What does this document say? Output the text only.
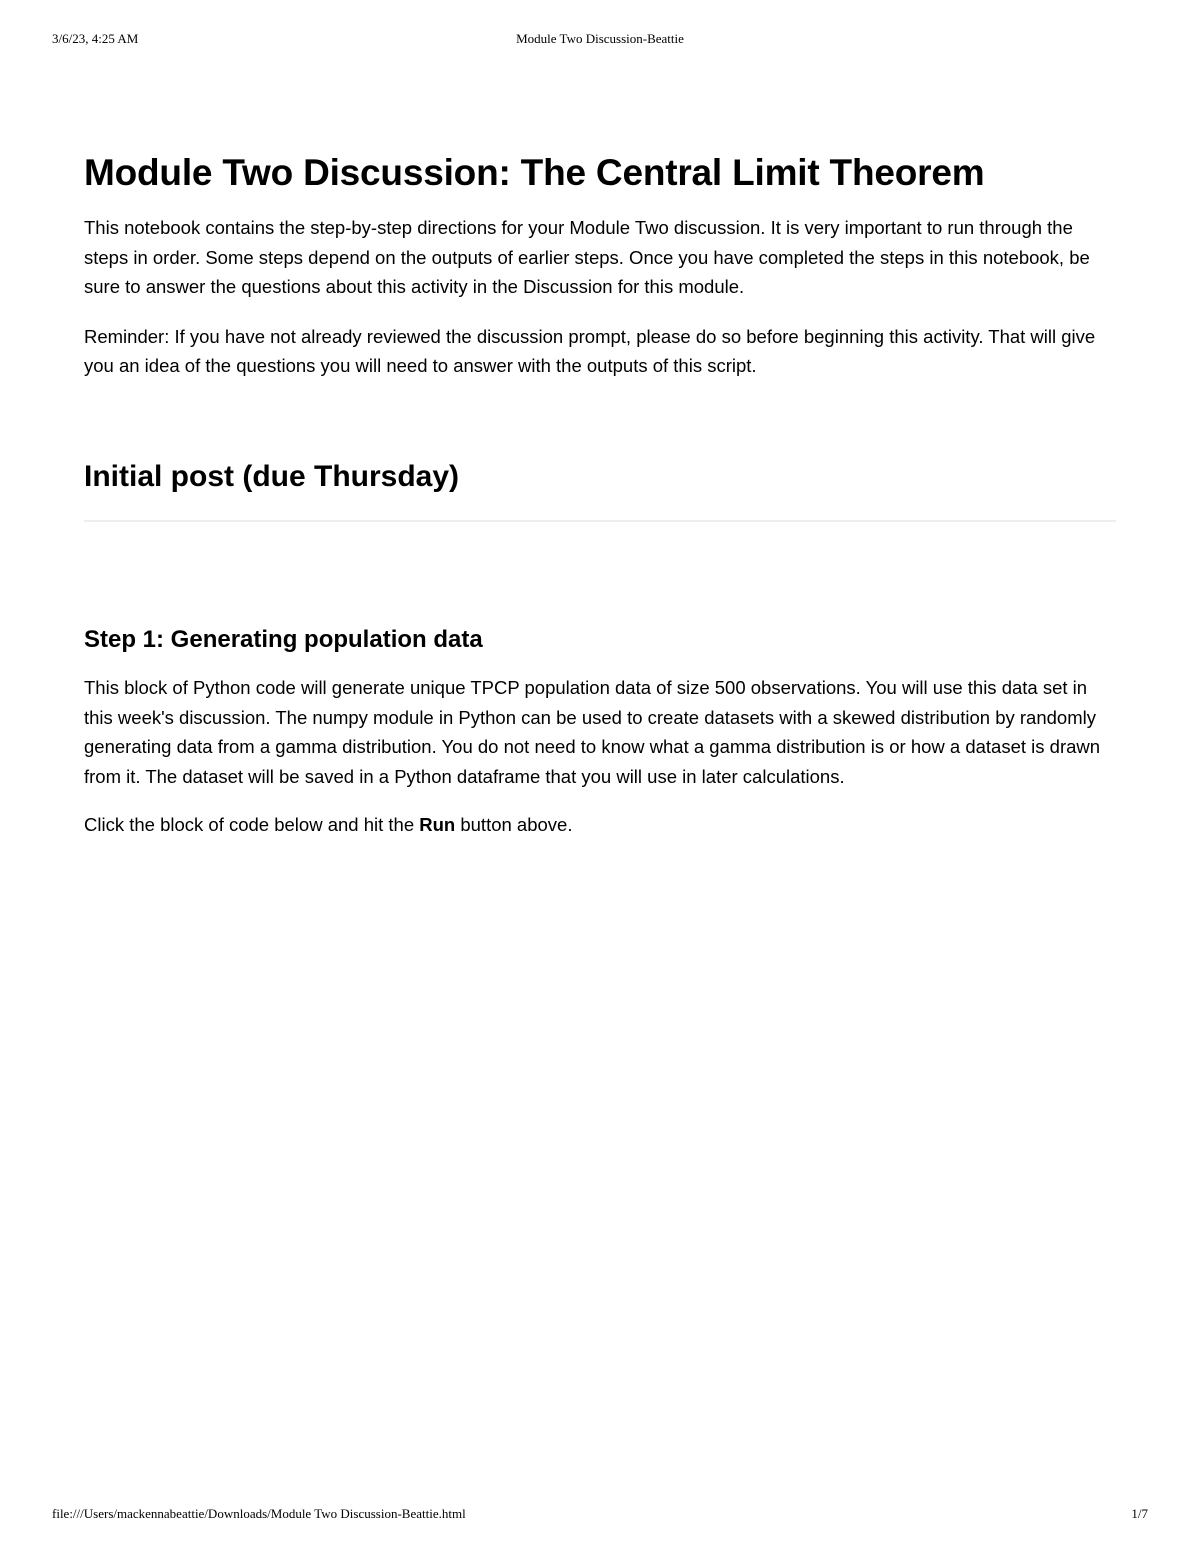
3/6/23, 4:25 AM	Module Two Discussion-Beattie
Module Two Discussion: The Central Limit Theorem

This notebook contains the step-by-step directions for your Module Two discussion. It is very important to run through the steps in order. Some steps depend on the outputs of earlier steps. Once you have completed the steps in this notebook, be sure to answer the questions about this activity in the Discussion for this module.

Reminder: If you have not already reviewed the discussion prompt, please do so before beginning this activity. That will give you an idea of the questions you will need to answer with the outputs of this script.

Initial post (due Thursday)
Step 1: Generating population data

This block of Python code will generate unique TPCP population data of size 500 observations. You will use this data set in this week's discussion. The numpy module in Python can be used to create datasets with a skewed distribution by randomly generating data from a gamma distribution. You do not need to know what a gamma distribution is or how a dataset is drawn from it. The dataset will be saved in a Python dataframe that you will use in later calculations.

Click the block of code below and hit the Run button above.

file:///Users/mackennabeattie/Downloads/Module Two Discussion-Beattie.html	1/7
